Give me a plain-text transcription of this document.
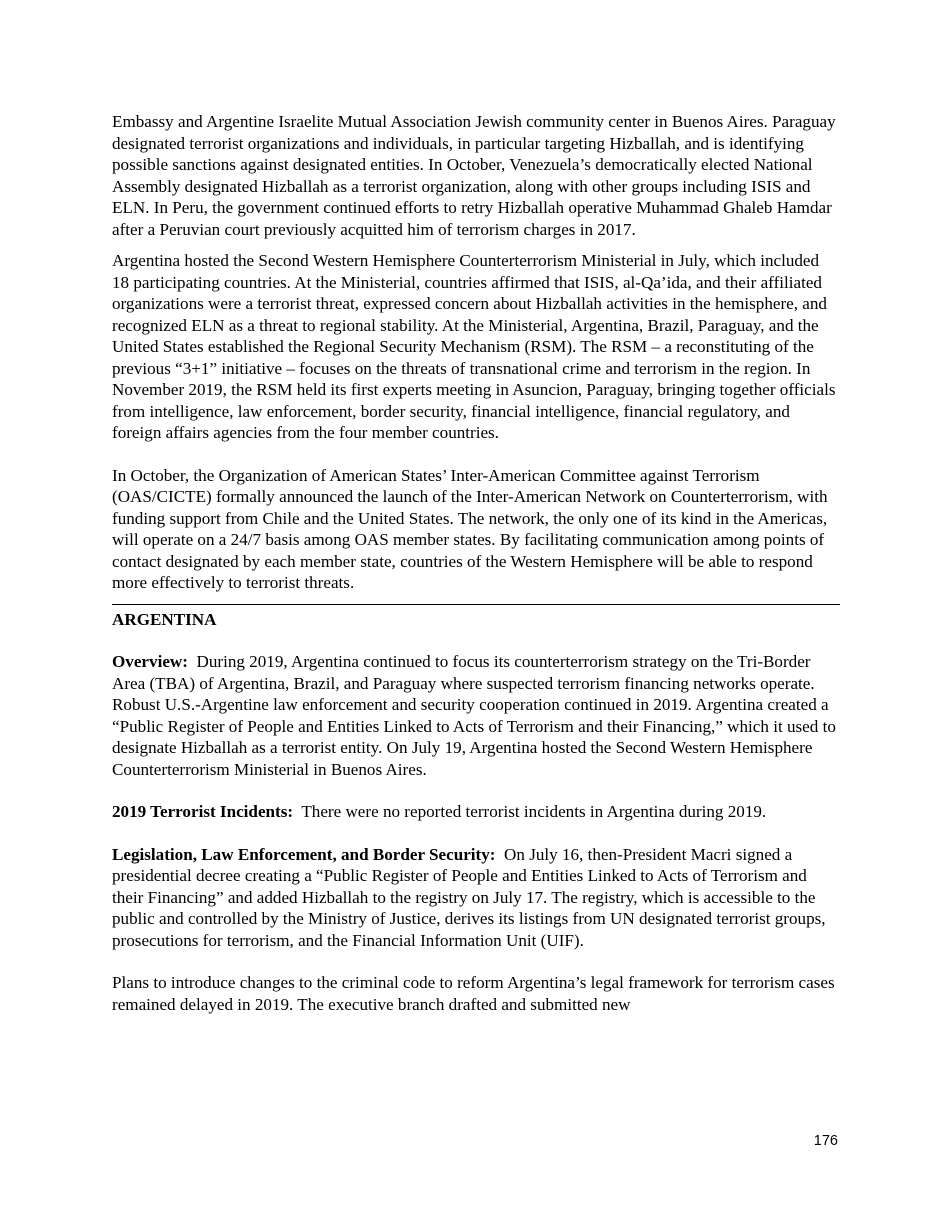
Embassy and Argentine Israelite Mutual Association Jewish community center in Buenos Aires. Paraguay designated terrorist organizations and individuals, in particular targeting Hizballah, and is identifying possible sanctions against designated entities. In October, Venezuela’s democratically elected National Assembly designated Hizballah as a terrorist organization, along with other groups including ISIS and ELN. In Peru, the government continued efforts to retry Hizballah operative Muhammad Ghaleb Hamdar after a Peruvian court previously acquitted him of terrorism charges in 2017.

Argentina hosted the Second Western Hemisphere Counterterrorism Ministerial in July, which included 18 participating countries. At the Ministerial, countries affirmed that ISIS, al-Qa’ida, and their affiliated organizations were a terrorist threat, expressed concern about Hizballah activities in the hemisphere, and recognized ELN as a threat to regional stability. At the Ministerial, Argentina, Brazil, Paraguay, and the United States established the Regional Security Mechanism (RSM). The RSM – a reconstituting of the previous “3+1” initiative – focuses on the threats of transnational crime and terrorism in the region. In November 2019, the RSM held its first experts meeting in Asuncion, Paraguay, bringing together officials from intelligence, law enforcement, border security, financial intelligence, financial regulatory, and foreign affairs agencies from the four member countries.

In October, the Organization of American States’ Inter-American Committee against Terrorism (OAS/CICTE) formally announced the launch of the Inter-American Network on Counterterrorism, with funding support from Chile and the United States. The network, the only one of its kind in the Americas, will operate on a 24/7 basis among OAS member states. By facilitating communication among points of contact designated by each member state, countries of the Western Hemisphere will be able to respond more effectively to terrorist threats.

ARGENTINA

Overview: During 2019, Argentina continued to focus its counterterrorism strategy on the Tri-Border Area (TBA) of Argentina, Brazil, and Paraguay where suspected terrorism financing networks operate. Robust U.S.-Argentine law enforcement and security cooperation continued in 2019. Argentina created a “Public Register of People and Entities Linked to Acts of Terrorism and their Financing,” which it used to designate Hizballah as a terrorist entity. On July 19, Argentina hosted the Second Western Hemisphere Counterterrorism Ministerial in Buenos Aires.

2019 Terrorist Incidents: There were no reported terrorist incidents in Argentina during 2019.

Legislation, Law Enforcement, and Border Security: On July 16, then-President Macri signed a presidential decree creating a “Public Register of People and Entities Linked to Acts of Terrorism and their Financing” and added Hizballah to the registry on July 17. The registry, which is accessible to the public and controlled by the Ministry of Justice, derives its listings from UN designated terrorist groups, prosecutions for terrorism, and the Financial Information Unit (UIF).

Plans to introduce changes to the criminal code to reform Argentina’s legal framework for terrorism cases remained delayed in 2019. The executive branch drafted and submitted new

176
